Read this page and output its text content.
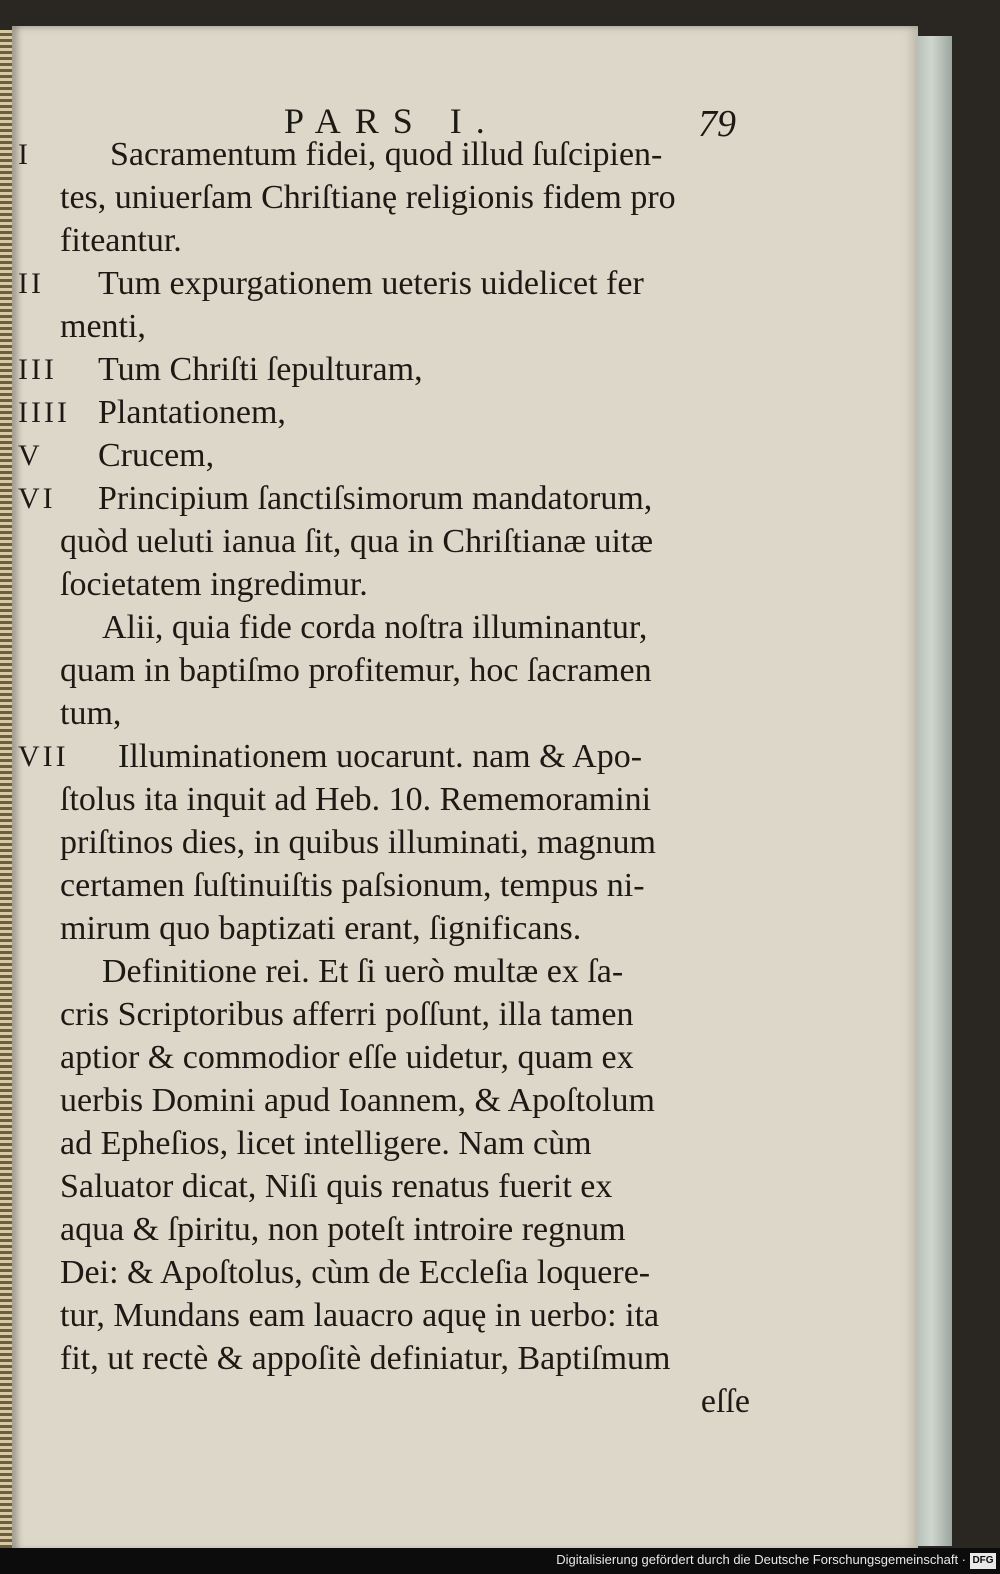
PARS I.	79
I Sacramentum fidei, quod illud ſuſcipien-
tes, uniuerſam Chriſtianę religionis fidem pro
fiteantur.
II Tum expurgationem ueteris uidelicet fer
menti,
III Tum Chriſti ſepulturam,
IIII Plantationem,
V Crucem,
VI Principium ſanctiſsimorum mandatorum,
quòd ueluti ianua ſit, qua in Chriſtianæ uitæ
ſocietatem ingredimur.
Alii, quia fide corda noſtra illuminantur,
quam in baptiſmo profitemur, hoc ſacramen
tum,
VII Illuminationem uocarunt. nam & Apo-
ſtolus ita inquit ad Heb. 10. Rememoramini
priſtinos dies, in quibus illuminati, magnum
certamen ſuſtinuiſtis paſsionum, tempus ni-
mirum quo baptizati erant, ſignificans.
Definitione rei. Et ſi uerò multæ ex ſa-
cris Scriptoribus afferri poſſunt, illa tamen
aptior & commodior eſſe uidetur, quam ex
uerbis Domini apud Ioannem, & Apoſtolum
ad Epheſios, licet intelligere. Nam cùm
Saluator dicat, Niſi quis renatus fuerit ex
aqua & ſpiritu, non poteſt introire regnum
Dei: & Apoſtolus, cùm de Eccleſia loquere-
tur, Mundans eam lauacro aquę in uerbo: ita
fit, ut rectè & appoſitè definiatur, Baptiſmum
eſſe
Digitalisierung gefördert durch die Deutsche Forschungsgemeinschaft · DFG
